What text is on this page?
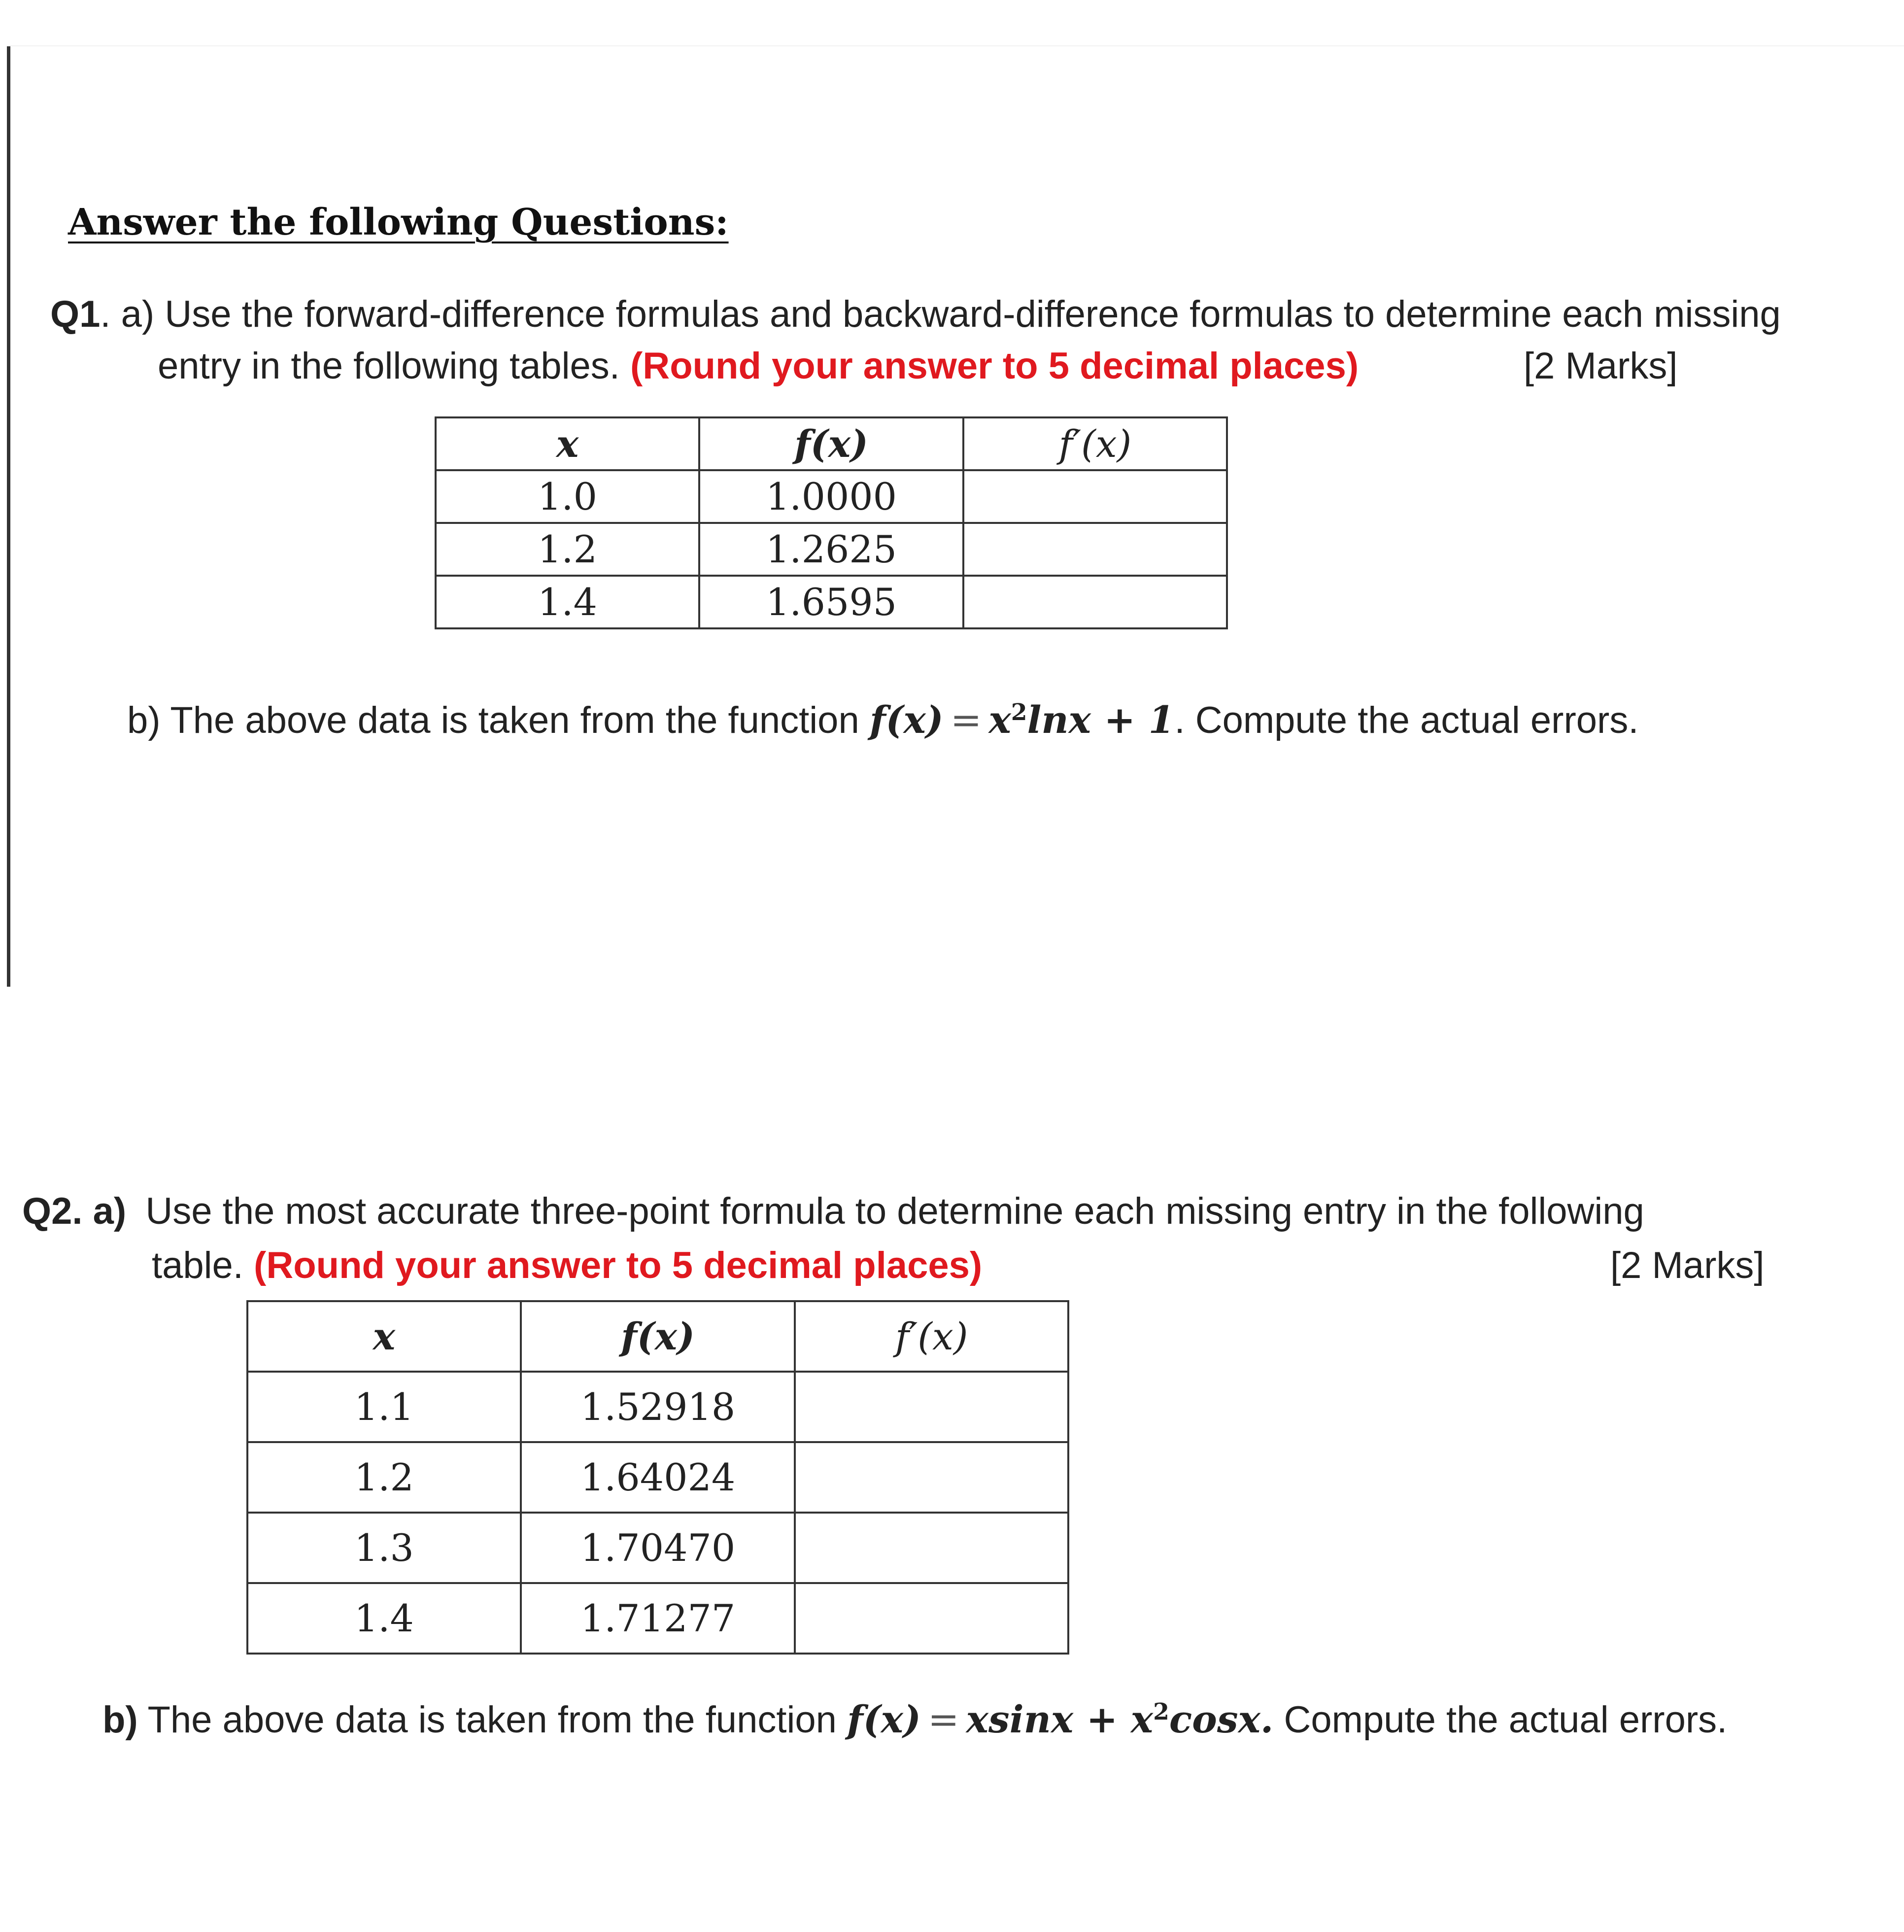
Answer the following Questions:
Q1. a) Use the forward-difference formulas and backward-difference formulas to determine each missing
entry in the following tables. (Round your answer to 5 decimal places)	[2 Marks]
x	f(x)	f′(x)
1.0	1.0000	
1.2	1.2625	
1.4	1.6595	
b) The above data is taken from the function $f(x) = x^2\ln x + 1$. Compute the actual errors.
Q2. a) Use the most accurate three-point formula to determine each missing entry in the following
table. (Round your answer to 5 decimal places)	[2 Marks]
x	f(x)	f′(x)
1.1	1.52918	
1.2	1.64024	
1.3	1.70470	
1.4	1.71277	
b) The above data is taken from the function $f(x) = xsinx + x^2\cos x$. Compute the actual errors.
